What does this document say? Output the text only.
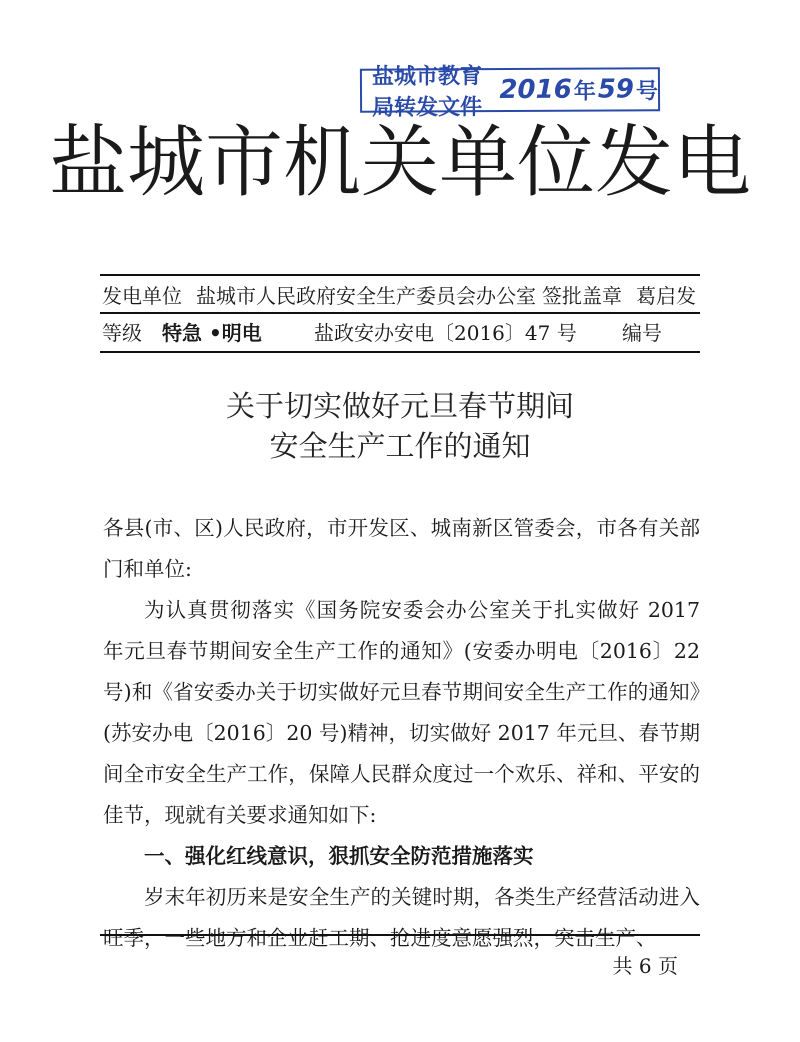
盐城市教育局转发文件
2016 年 59 号
盐城市机关单位发电
发电单位 盐城市人民政府安全生产委员会办公室 签批盖章 葛启发
等级 特急 •明电	盐政安办安电〔2016〕47 号 编号
关于切实做好元旦春节期间
安全生产工作的通知

各县(市、区)人民政府，市开发区、城南新区管委会，市各有关部门和单位:

为认真贯彻落实《国务院安委会办公室关于扎实做好 2017 年元旦春节期间安全生产工作的通知》(安委办明电〔2016〕22 号)和《省安委办关于切实做好元旦春节期间安全生产工作的通知》(苏安办电〔2016〕20 号)精神，切实做好 2017 年元旦、春节期间全市安全生产工作，保障人民群众度过一个欢乐、祥和、平安的佳节，现就有关要求通知如下:

一、强化红线意识，狠抓安全防范措施落实

岁末年初历来是安全生产的关键时期，各类生产经营活动进入旺季，一些地方和企业赶工期、抢进度意愿强烈，突击生产、

共 6 页
